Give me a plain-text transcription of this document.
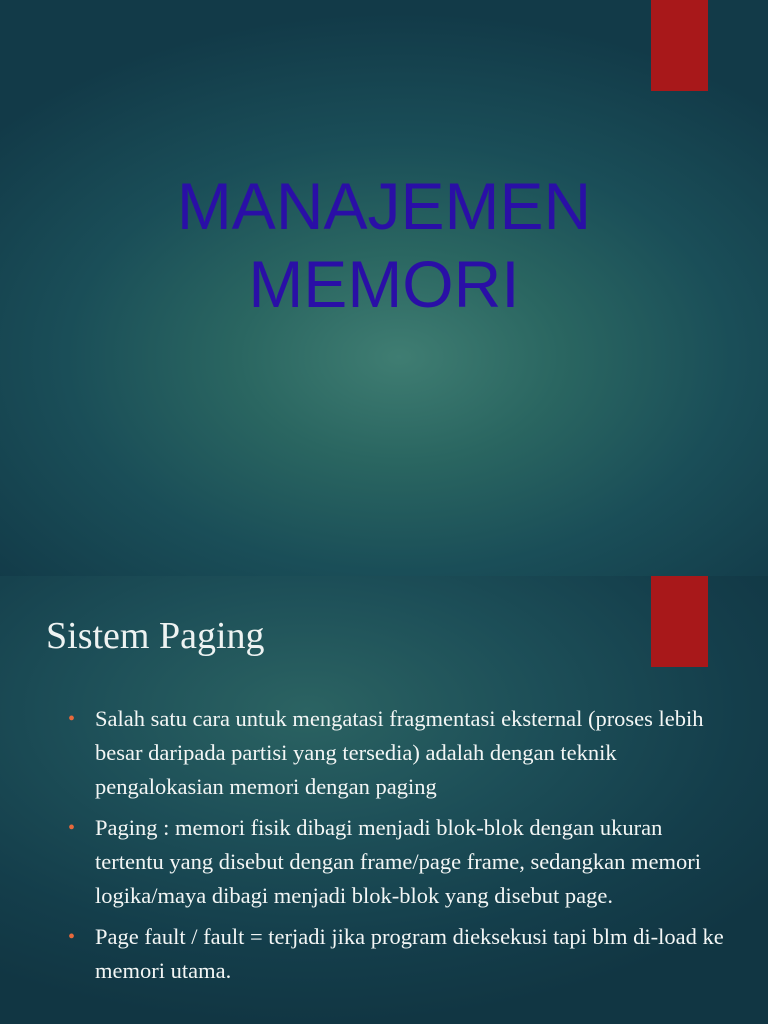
MANAJEMEN
MEMORI
Sistem Paging
• Salah satu cara untuk mengatasi fragmentasi eksternal (proses lebih besar daripada partisi yang tersedia) adalah dengan teknik pengalokasian memori dengan paging
• Paging : memori fisik dibagi menjadi blok-blok dengan ukuran tertentu yang disebut dengan frame/page frame, sedangkan memori logika/maya dibagi menjadi blok-blok yang disebut page.
• Page fault / fault = terjadi jika program dieksekusi tapi blm di-load ke memori utama.
